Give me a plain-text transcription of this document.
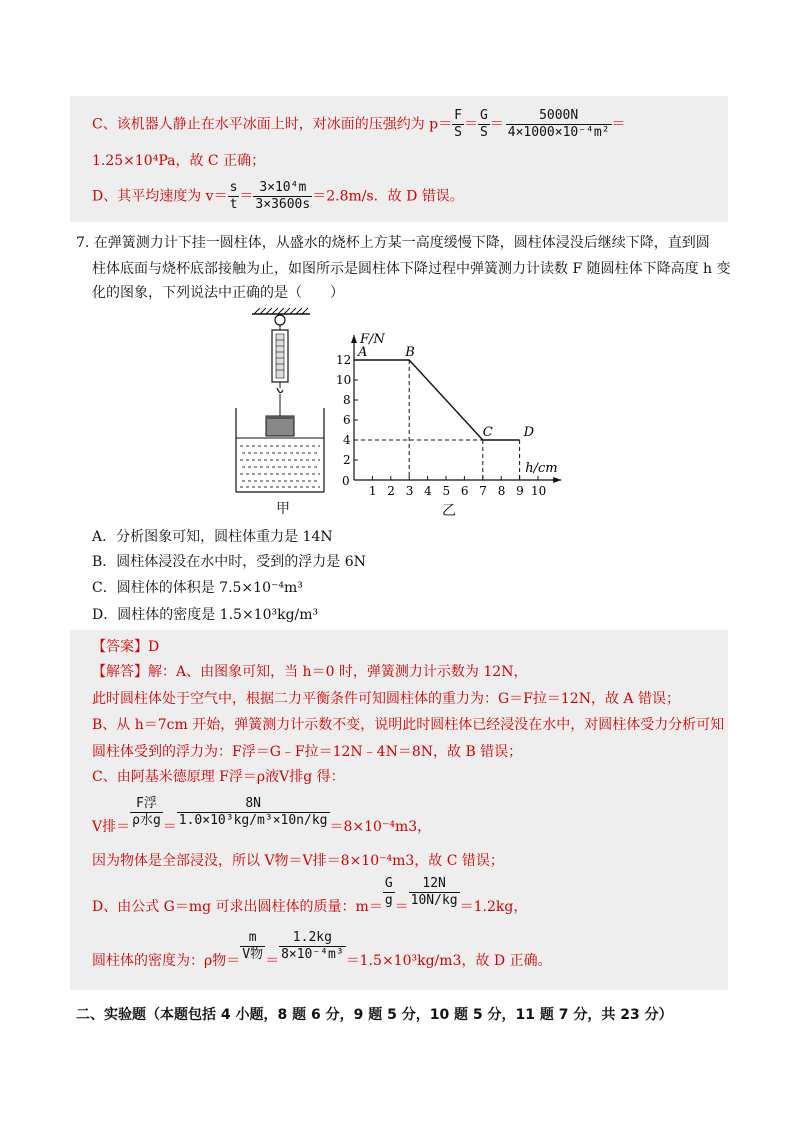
C、该机器人静止在水平冰面上时，对冰面的压强约为 $p= \frac{F}{S} = \frac{G}{S} = \frac{5000N}{\text{4×1000×10⁻⁴m²}}$ ＝
1.25×10⁴Pa，故 C 正确；
D、其平均速度为 $v= \frac{s}{t} = \frac{\text{3×10⁴m}}{3\times 3600s} =2.8m/s$．故 D 错误。
7. 在弹簧测力计下挂一圆柱体，从盛水的烧杯上方某一高度缓慢下降，圆柱体浸没后继续下降，直到圆
柱体底面与烧杯底部接触为止，如图所示是圆柱体下降过程中弹簧测力计读数 F 随圆柱体下降高度 h 变
化的图象，下列说法中正确的是（　　）
甲
F/N
h/cm
0
1 2 3 4 5 6 7 8 9 10
2
4
6
8
10
12 A	B
C D
乙
A．分析图象可知，圆柱体重力是 14N
B．圆柱体浸没在水中时，受到的浮力是 6N
C．圆柱体的体积是 7.5×10⁻⁴m³
D．圆柱体的密度是 1.5×10³kg/m³
【答案】D
【解答】解：A、由图象可知，当 h＝0 时，弹簧测力计示数为 12N，
此时圆柱体处于空气中，根据二力平衡条件可知圆柱体的重力为：G＝F拉＝12N，故 A 错误；
B、从 h＝7cm 开始，弹簧测力计示数不变，说明此时圆柱体已经浸没在水中，对圆柱体受力分析可知
圆柱体受到的浮力为：F浮＝G﹣F拉＝12N﹣4N＝8N，故 B 错误；
C、由阿基米德原理 F浮＝ρ液V排g 得：
V排＝ $\frac{\text{F浮}}{\text{ρ水g}} = \frac{8N}{\text{1.0×10³kg/m³×10n/kg}} =8\times 10^{-4}m3$，
因为物体是全部浸没，所以 V物＝V排＝8×10⁻⁴m3，故 C 错误；
D、由公式 G＝mg 可求出圆柱体的质量：$m= \frac{G}{g} = \frac{12N}{10N/kg} =1.2kg$，
圆柱体的密度为：ρ物＝ $\frac{m}{\text{V物}} = \frac{1.2kg}{\text{8×10⁻⁴m³}} =1.5\times 10^3kg/m3$，故 D 正确。
二、实验题（本题包括 4 小题，8 题 6 分，9 题 5 分，10 题 5 分，11 题 7 分，共 23 分）
